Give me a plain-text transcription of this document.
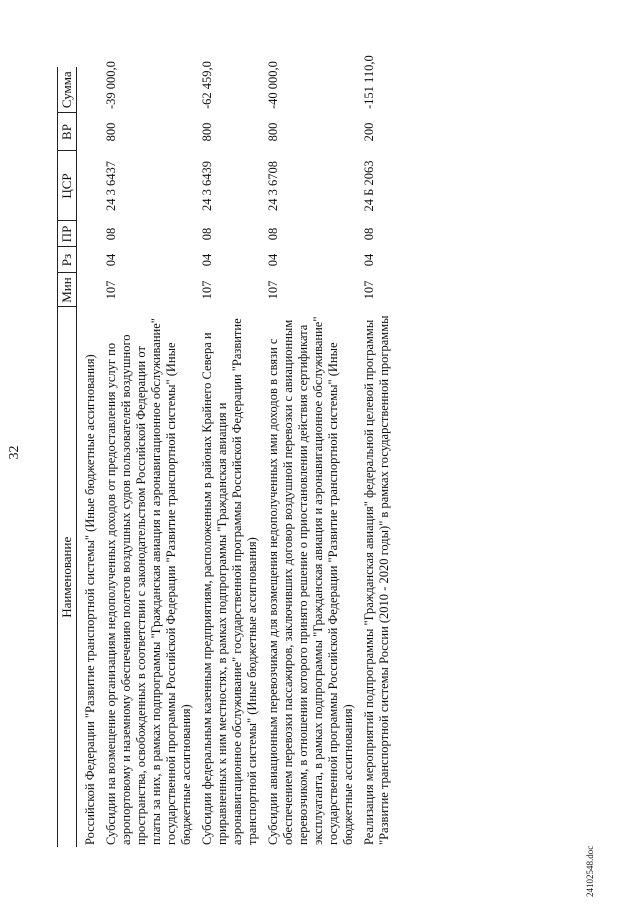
32
Наименование	Мин	Рз	ПР	ЦСР	ВР	Сумма
Российской Федерации "Развитие транспортной системы" (Иные бюджетные ассигнования)						

Субсидии на возмещение организациям недополученных доходов от предоставления услуг по аэропортовому и наземному обеспечению полетов воздушных судов пользователей воздушного пространства, освобожденных в соответствии с законодательством Российской Федерации от платы за них, в рамках подпрограммы "Гражданская авиация и аэронавигационное обслуживание" государственной программы Российской Федерации "Развитие транспортной системы" (Иные бюджетные ассигнования)	107	04	08	24 3 6437	800	-39 000,0

Субсидии федеральным казенным предприятиям, расположенным в районах Крайнего Севера и приравненных к ним местностях, в рамках подпрограммы "Гражданская авиация и аэронавигационное обслуживание" государственной программы Российской Федерации "Развитие транспортной системы" (Иные бюджетные ассигнования)	107	04	08	24 3 6439	800	-62 459,0

Субсидии авиационным перевозчикам для возмещения недополученных ими доходов в связи с обеспечением перевозки пассажиров, заключивших договор воздушной перевозки с авиационным перевозчиком, в отношении которого принято решение о приостановлении действия сертификата эксплуатанта, в рамках подпрограммы "Гражданская авиация и аэронавигационное обслуживание" государственной программы Российской Федерации "Развитие транспортной системы" (Иные бюджетные ассигнования)	107	04	08	24 3 6708	800	-40 000,0

Реализация мероприятий подпрограммы "Гражданская авиация" федеральной целевой программы "Развитие транспортной системы России (2010 - 2020 годы)" в рамках государственной программы	107	04	08	24 Б 2063	200	-151 110,0
24102548.doc
